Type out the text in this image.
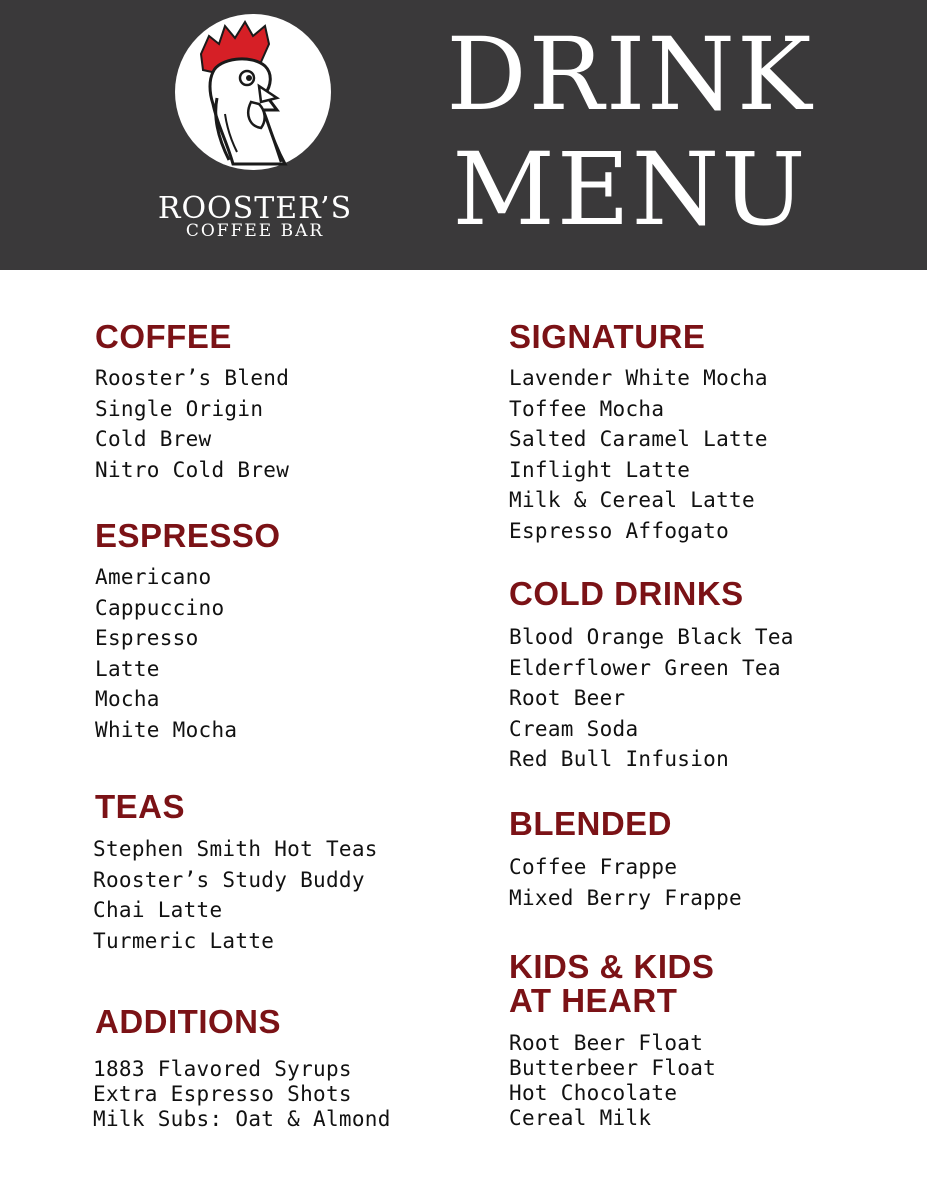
ROOSTER’S
COFFEE BAR
DRINK
MENU
COFFEE
Rooster’s Blend
Single Origin
Cold Brew
Nitro Cold Brew
ESPRESSO
Americano
Cappuccino
Espresso
Latte
Mocha
White Mocha
TEAS
Stephen Smith Hot Teas
Rooster’s Study Buddy
Chai Latte
Turmeric Latte
ADDITIONS
1883 Flavored Syrups
Extra Espresso Shots
Milk Subs: Oat & Almond
SIGNATURE
Lavender White Mocha
Toffee Mocha
Salted Caramel Latte
Inflight Latte
Milk & Cereal Latte
Espresso Affogato
COLD DRINKS
Blood Orange Black Tea
Elderflower Green Tea
Root Beer
Cream Soda
Red Bull Infusion
BLENDED
Coffee Frappe
Mixed Berry Frappe
KIDS & KIDS
AT HEART
Root Beer Float
Butterbeer Float
Hot Chocolate
Cereal Milk
